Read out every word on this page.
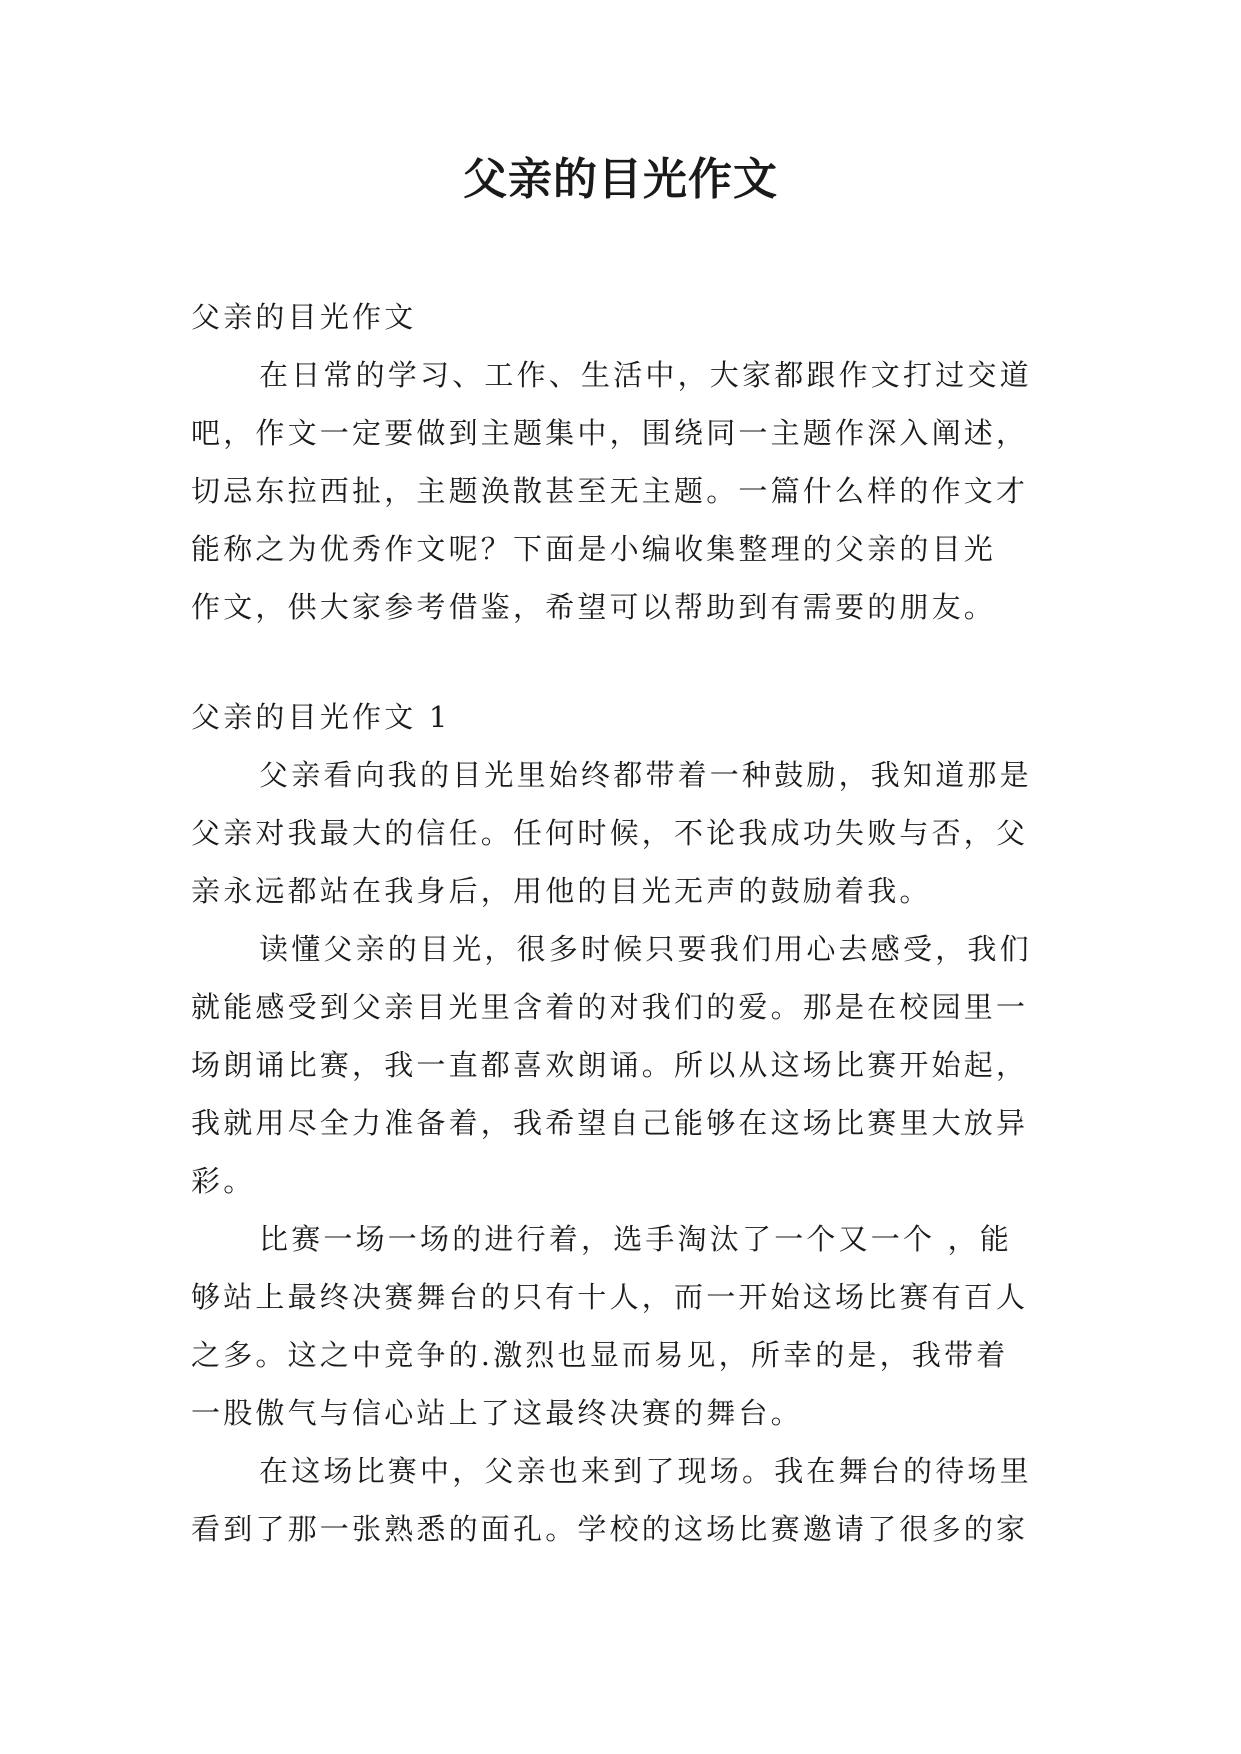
父亲的目光作文

父亲的目光作文

在日常的学习、工作、生活中，大家都跟作文打过交道

吧，作文一定要做到主题集中，围绕同一主题作深入阐述，

切忌东拉西扯，主题涣散甚至无主题。一篇什么样的作文才

能称之为优秀作文呢？下面是小编收集整理的父亲的目光

作文，供大家参考借鉴，希望可以帮助到有需要的朋友。

父亲的目光作文 1

父亲看向我的目光里始终都带着一种鼓励，我知道那是

父亲对我最大的信任。任何时候，不论我成功失败与否，父

亲永远都站在我身后，用他的目光无声的鼓励着我。

读懂父亲的目光，很多时候只要我们用心去感受，我们

就能感受到父亲目光里含着的对我们的爱。那是在校园里一

场朗诵比赛，我一直都喜欢朗诵。所以从这场比赛开始起，

我就用尽全力准备着，我希望自己能够在这场比赛里大放异

彩。

比赛一场一场的进行着，选手淘汰了一个又一个 ，能

够站上最终决赛舞台的只有十人，而一开始这场比赛有百人

之多。这之中竞争的.激烈也显而易见，所幸的是，我带着

一股傲气与信心站上了这最终决赛的舞台。

在这场比赛中，父亲也来到了现场。我在舞台的待场里

看到了那一张熟悉的面孔。学校的这场比赛邀请了很多的家
